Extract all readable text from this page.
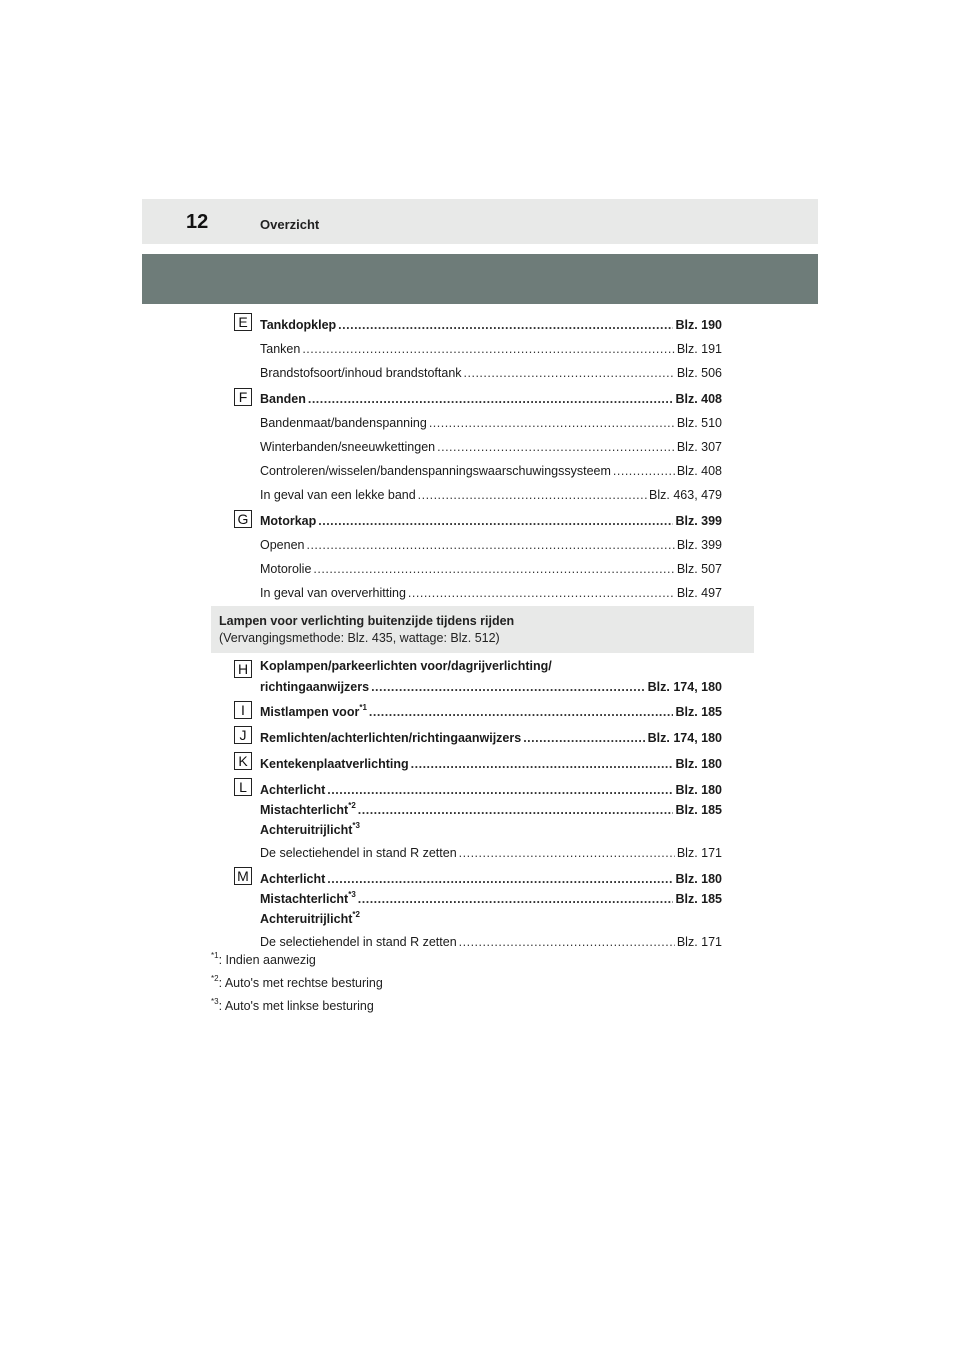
12	Overzicht
E Tankdopklep .....	Blz. 190
Tanken .....	Blz. 191
Brandstofsoort/inhoud brandstoftank .....	Blz. 506
F	Banden .....	Blz. 408
Bandenmaat/bandenspanning .....	Blz. 510
Winterbanden/sneeuwkettingen .....	Blz. 307
Controleren/wisselen/bandenspanningswaarschuwingssysteem .....	Blz. 408
In geval van een lekke band .....	Blz. 463, 479
G Motorkap .....	Blz. 399
Openen .....	Blz. 399
Motorolie .....	Blz. 507
In geval van oververhitting .....	Blz. 497
Lampen voor verlichting buitenzijde tijdens rijden
(Vervangingsmethode: Blz. 435, wattage: Blz. 512)
H Koplampen/parkeerlichten voor/dagrijverlichting/
richtingaanwijzers .....	Blz. 174, 180
I	Mistlampen voor$^{*1}$ .....	Blz. 185
J	Remlichten/achterlichten/richtingaanwijzers .....	Blz. 174, 180
K Kentekenplaatverlichting .....	Blz. 180
L	Achterlicht .....	Blz. 180
Mistachterlicht$^{*2}$ .....	Blz. 185
Achteruitrijlicht$^{*3}$
De selectiehendel in stand R zetten .....	Blz. 171
M Achterlicht .....	Blz. 180
Mistachterlicht$^{*3}$ .....	Blz. 185
Achteruitrijlicht$^{*2}$
De selectiehendel in stand R zetten .....	Blz. 171
$^{*1}$: Indien aanwezig
$^{*2}$: Auto's met rechtse besturing
$^{*3}$: Auto's met linkse besturing
